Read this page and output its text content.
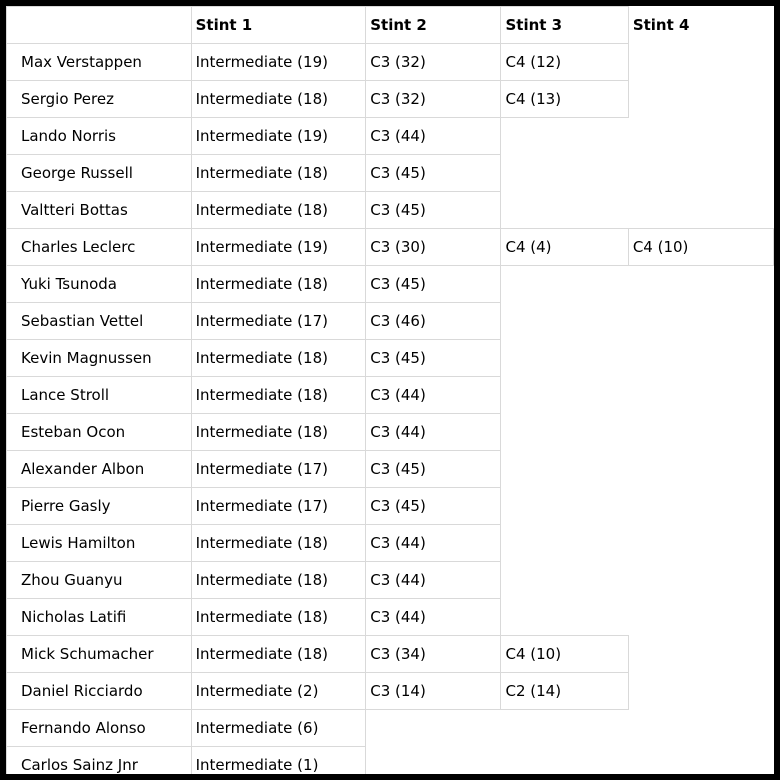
	Stint 1	Stint 2	Stint 3	Stint 4
Max Verstappen	Intermediate (19)	C3 (32)	C4 (12)	
Sergio Perez	Intermediate (18)	C3 (32)	C4 (13)	
Lando Norris	Intermediate (19)	C3 (44)		
George Russell	Intermediate (18)	C3 (45)		
Valtteri Bottas	Intermediate (18)	C3 (45)		
Charles Leclerc	Intermediate (19)	C3 (30)	C4 (4)	C4 (10)
Yuki Tsunoda	Intermediate (18)	C3 (45)		
Sebastian Vettel	Intermediate (17)	C3 (46)		
Kevin Magnussen	Intermediate (18)	C3 (45)		
Lance Stroll	Intermediate (18)	C3 (44)		
Esteban Ocon	Intermediate (18)	C3 (44)		
Alexander Albon	Intermediate (17)	C3 (45)		
Pierre Gasly	Intermediate (17)	C3 (45)		
Lewis Hamilton	Intermediate (18)	C3 (44)		
Zhou Guanyu	Intermediate (18)	C3 (44)		
Nicholas Latifi	Intermediate (18)	C3 (44)		
Mick Schumacher	Intermediate (18)	C3 (34)	C4 (10)	
Daniel Ricciardo	Intermediate (2)	C3 (14)	C2 (14)	
Fernando Alonso	Intermediate (6)			
Carlos Sainz Jnr	Intermediate (1)			
